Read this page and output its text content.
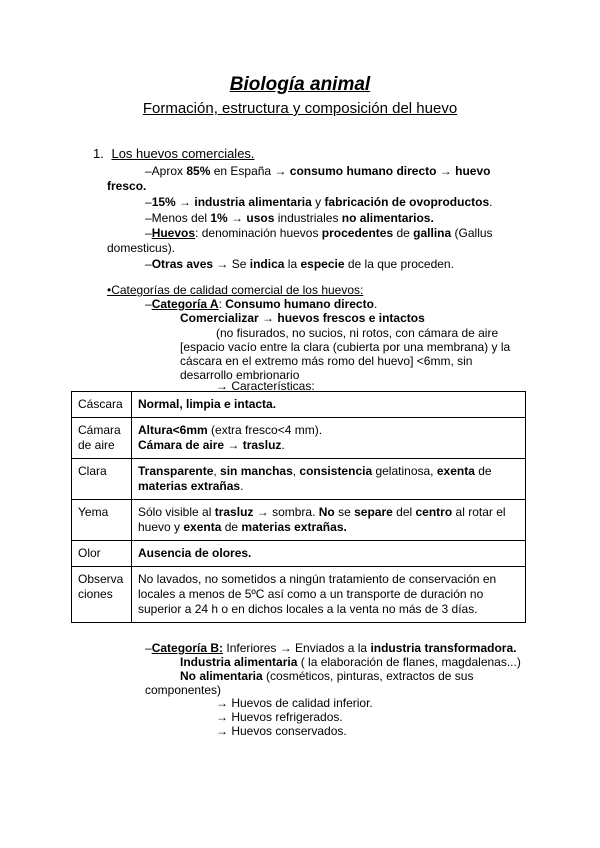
Biología animal
Formación, estructura y composición del huevo
1. Los huevos comerciales.
–Aprox 85% en España → consumo humano directo → huevo
fresco.
–15% → industria alimentaria y fabricación de ovoproductos.
–Menos del 1% → usos industriales no alimentarios.
–Huevos: denominación huevos procedentes de gallina (Gallus
domesticus).
–Otras aves → Se indica la especie de la que proceden.
•Categorías de calidad comercial de los huevos:
–Categoría A: Consumo humano directo.
Comercializar → huevos frescos e intactos
(no fisurados, no sucios, ni rotos, con cámara de aire
[espacio vacío entre la clara (cubierta por una membrana) y la
cáscara en el extremo más romo del huevo] <6mm, sin
desarrollo embrionario
→ Características:
Cáscara	Normal, limpia e intacta.
Cámara
de aire	Altura<6mm (extra fresco<4 mm).
Cámara de aire → trasluz.
Clara	Transparente, sin manchas, consistencia gelatinosa, exenta de materias extrañas.
Yema	Sólo visible al trasluz → sombra. No se separe del centro al rotar el huevo y exenta de materias extrañas.
Olor	Ausencia de olores.
Observa
ciones	No lavados, no sometidos a ningún tratamiento de conservación en locales a menos de 5ºC así como a un transporte de duración no superior a 24 h o en dichos locales a la venta no más de 3 días.
–Categoría B: Inferiores → Enviados a la industria transformadora.
Industria alimentaria ( la elaboración de flanes, magdalenas...)
No alimentaria (cosméticos, pinturas, extractos de sus
componentes)
→ Huevos de calidad inferior.
→ Huevos refrigerados.
→ Huevos conservados.
